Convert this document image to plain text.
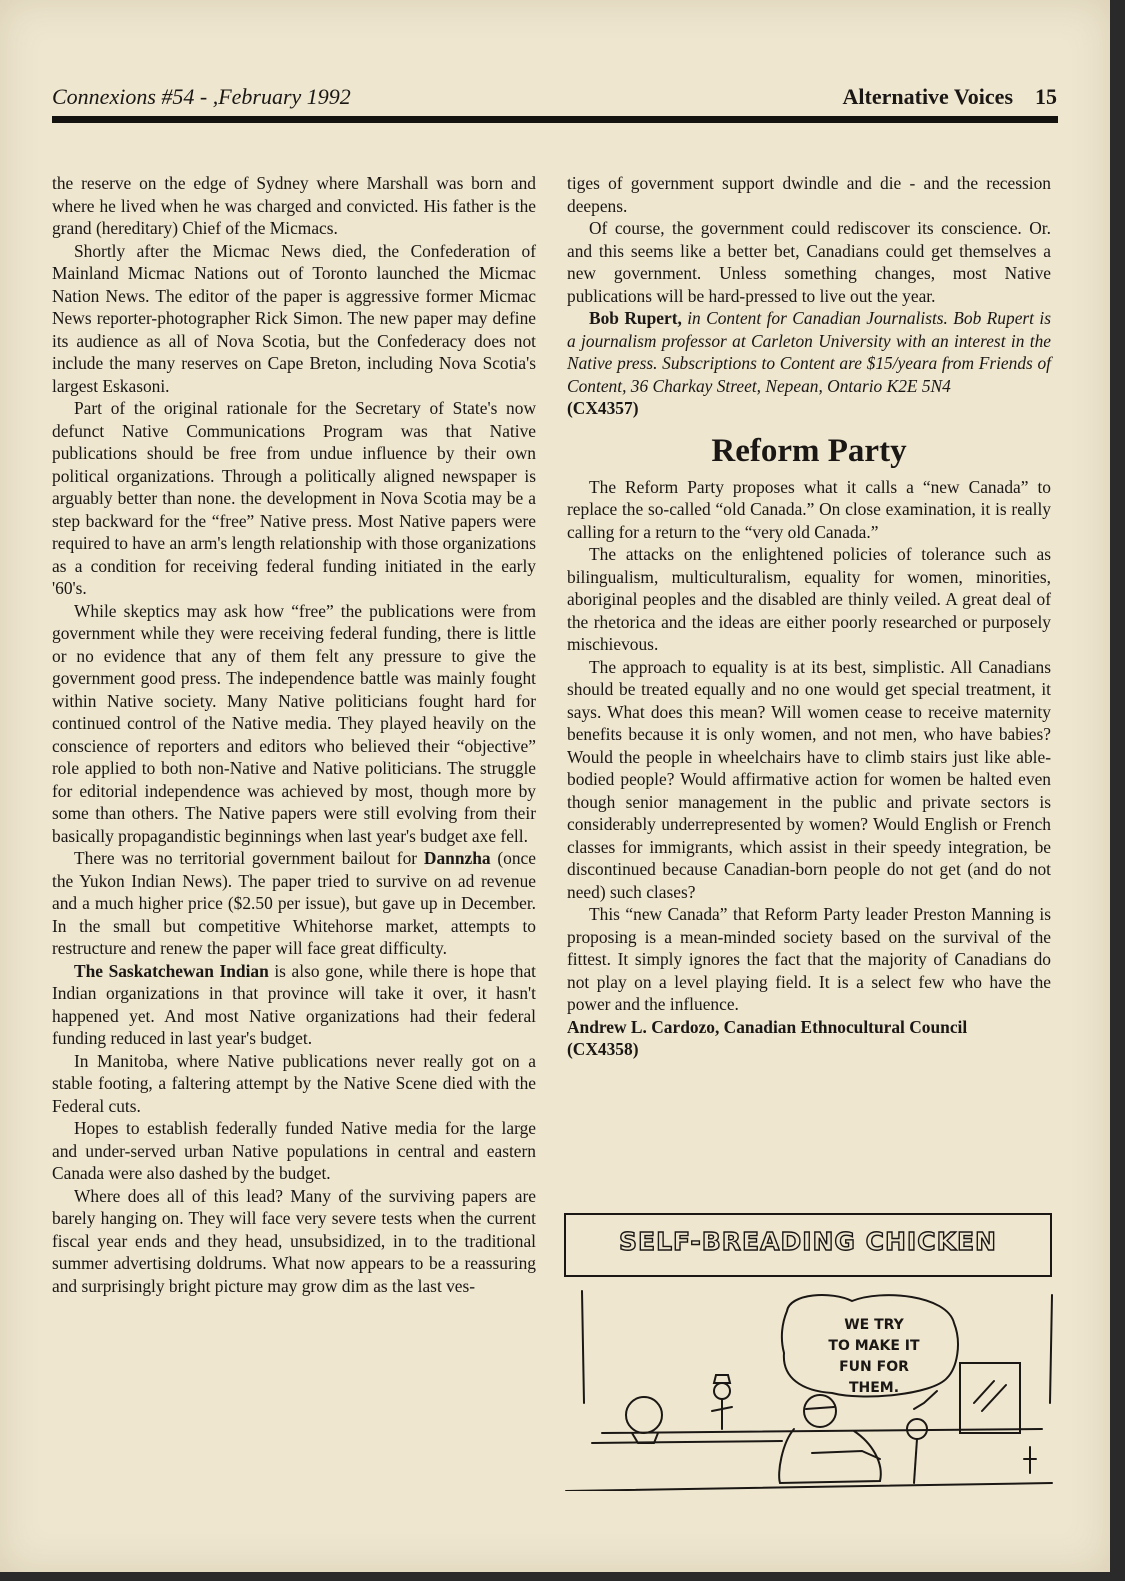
Connexions #54 - ,February 1992	Alternative Voices 15

the reserve on the edge of Sydney where Marshall was born and where he lived when he was charged and convicted. His father is the grand (hereditary) Chief of the Micmacs.

Shortly after the Micmac News died, the Confederation of Mainland Micmac Nations out of Toronto launched the Micmac Nation News. The editor of the paper is aggressive former Micmac News reporter-photographer Rick Simon. The new paper may define its audience as all of Nova Scotia, but the Confederacy does not include the many reserves on Cape Breton, including Nova Scotia's largest Eskasoni.

Part of the original rationale for the Secretary of State's now defunct Native Communications Program was that Native publications should be free from undue influence by their own political organizations. Through a politically aligned newspaper is arguably better than none. the development in Nova Scotia may be a step backward for the “free” Native press. Most Native papers were required to have an arm's length relationship with those organizations as a condition for receiving federal funding initiated in the early '60's.

While skeptics may ask how “free” the publications were from government while they were receiving federal funding, there is little or no evidence that any of them felt any pressure to give the government good press. The independence battle was mainly fought within Native society. Many Native politicians fought hard for continued control of the Native media. They played heavily on the conscience of reporters and editors who believed their “objective” role applied to both non-Native and Native politicians. The struggle for editorial independence was achieved by most, though more by some than others. The Native papers were still evolving from their basically propagandistic beginnings when last year's budget axe fell.

There was no territorial government bailout for Dannzha (once the Yukon Indian News). The paper tried to survive on ad revenue and a much higher price ($2.50 per issue), but gave up in December. In the small but competitive Whitehorse market, attempts to restructure and renew the paper will face great difficulty.

The Saskatchewan Indian is also gone, while there is hope that Indian organizations in that province will take it over, it hasn't happened yet. And most Native organizations had their federal funding reduced in last year's budget.

In Manitoba, where Native publications never really got on a stable footing, a faltering attempt by the Native Scene died with the Federal cuts.

Hopes to establish federally funded Native media for the large and under-served urban Native populations in central and eastern Canada were also dashed by the budget.

Where does all of this lead? Many of the surviving papers are barely hanging on. They will face very severe tests when the current fiscal year ends and they head, unsubsidized, in to the traditional summer advertising doldrums. What now appears to be a reassuring and surprisingly bright picture may grow dim as the last ves-

tiges of government support dwindle and die - and the recession deepens.

Of course, the government could rediscover its conscience. Or. and this seems like a better bet, Canadians could get themselves a new government. Unless something changes, most Native publications will be hard-pressed to live out the year.

Bob Rupert, in Content for Canadian Journalists. Bob Rupert is a journalism professor at Carleton University with an interest in the Native press. Subscriptions to Content are $15/yeara from Friends of Content, 36 Charkay Street, Nepean, Ontario K2E 5N4

(CX4357)

Reform Party

The Reform Party proposes what it calls a “new Canada” to replace the so-called “old Canada.” On close examination, it is really calling for a return to the “very old Canada.”

The attacks on the enlightened policies of tolerance such as bilingualism, multiculturalism, equality for women, minorities, aboriginal peoples and the disabled are thinly veiled. A great deal of the rhetorica and the ideas are either poorly researched or purposely mischievous.

The approach to equality is at its best, simplistic. All Canadians should be treated equally and no one would get special treatment, it says. What does this mean? Will women cease to receive maternity benefits because it is only women, and not men, who have babies? Would the people in wheelchairs have to climb stairs just like able-bodied people? Would affirmative action for women be halted even though senior management in the public and private sectors is considerably underrepresented by women? Would English or French classes for immigrants, which assist in their speedy integration, be discontinued because Canadian-born people do not get (and do not need) such clases?

This “new Canada” that Reform Party leader Preston Manning is proposing is a mean-minded society based on the survival of the fittest. It simply ignores the fact that the majority of Canadians do not play on a level playing field. It is a select few who have the power and the influence.

Andrew L. Cardozo, Canadian Ethnocultural Council

(CX4358)

SELF-BREADING CHICKEN
WE TRY
TO MAKE IT
FUN FOR
THEM.
